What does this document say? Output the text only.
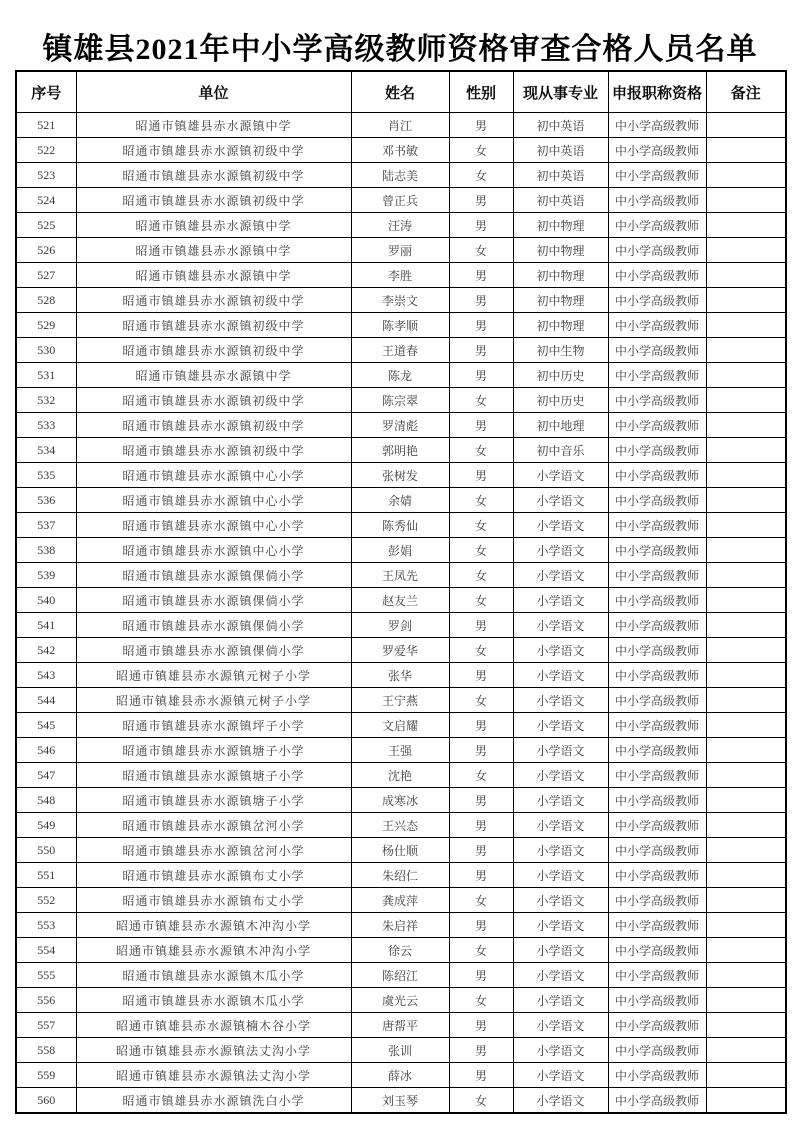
镇雄县2021年中小学高级教师资格审查合格人员名单
序号	单位	姓名	性别	现从事专业	申报职称资格	备注
521	昭通市镇雄县赤水源镇中学	肖江	男	初中英语	中小学高级教师	
522	昭通市镇雄县赤水源镇初级中学	邓书敏	女	初中英语	中小学高级教师	
523	昭通市镇雄县赤水源镇初级中学	陆志美	女	初中英语	中小学高级教师	
524	昭通市镇雄县赤水源镇初级中学	曾正兵	男	初中英语	中小学高级教师	
525	昭通市镇雄县赤水源镇中学	汪涛	男	初中物理	中小学高级教师	
526	昭通市镇雄县赤水源镇中学	罗丽	女	初中物理	中小学高级教师	
527	昭通市镇雄县赤水源镇中学	李胜	男	初中物理	中小学高级教师	
528	昭通市镇雄县赤水源镇初级中学	李崇文	男	初中物理	中小学高级教师	
529	昭通市镇雄县赤水源镇初级中学	陈孝顺	男	初中物理	中小学高级教师	
530	昭通市镇雄县赤水源镇初级中学	王道春	男	初中生物	中小学高级教师	
531	昭通市镇雄县赤水源镇中学	陈龙	男	初中历史	中小学高级教师	
532	昭通市镇雄县赤水源镇初级中学	陈宗翠	女	初中历史	中小学高级教师	
533	昭通市镇雄县赤水源镇初级中学	罗清彪	男	初中地理	中小学高级教师	
534	昭通市镇雄县赤水源镇初级中学	郭明艳	女	初中音乐	中小学高级教师	
535	昭通市镇雄县赤水源镇中心小学	张树发	男	小学语文	中小学高级教师	
536	昭通市镇雄县赤水源镇中心小学	余婧	女	小学语文	中小学高级教师	
537	昭通市镇雄县赤水源镇中心小学	陈秀仙	女	小学语文	中小学高级教师	
538	昭通市镇雄县赤水源镇中心小学	彭娟	女	小学语文	中小学高级教师	
539	昭通市镇雄县赤水源镇倮倘小学	王凤先	女	小学语文	中小学高级教师	
540	昭通市镇雄县赤水源镇倮倘小学	赵友兰	女	小学语文	中小学高级教师	
541	昭通市镇雄县赤水源镇倮倘小学	罗剑	男	小学语文	中小学高级教师	
542	昭通市镇雄县赤水源镇倮倘小学	罗爱华	女	小学语文	中小学高级教师	
543	昭通市镇雄县赤水源镇元树子小学	张华	男	小学语文	中小学高级教师	
544	昭通市镇雄县赤水源镇元树子小学	王宁燕	女	小学语文	中小学高级教师	
545	昭通市镇雄县赤水源镇坪子小学	文启耀	男	小学语文	中小学高级教师	
546	昭通市镇雄县赤水源镇塘子小学	王强	男	小学语文	中小学高级教师	
547	昭通市镇雄县赤水源镇塘子小学	沈艳	女	小学语文	中小学高级教师	
548	昭通市镇雄县赤水源镇塘子小学	成寒冰	男	小学语文	中小学高级教师	
549	昭通市镇雄县赤水源镇岔河小学	王兴态	男	小学语文	中小学高级教师	
550	昭通市镇雄县赤水源镇岔河小学	杨仕顺	男	小学语文	中小学高级教师	
551	昭通市镇雄县赤水源镇布丈小学	朱绍仁	男	小学语文	中小学高级教师	
552	昭通市镇雄县赤水源镇布丈小学	龚成萍	女	小学语文	中小学高级教师	
553	昭通市镇雄县赤水源镇木冲沟小学	朱启祥	男	小学语文	中小学高级教师	
554	昭通市镇雄县赤水源镇木冲沟小学	徐云	女	小学语文	中小学高级教师	
555	昭通市镇雄县赤水源镇木瓜小学	陈绍江	男	小学语文	中小学高级教师	
556	昭通市镇雄县赤水源镇木瓜小学	虞光云	女	小学语文	中小学高级教师	
557	昭通市镇雄县赤水源镇楠木谷小学	唐帮平	男	小学语文	中小学高级教师	
558	昭通市镇雄县赤水源镇法丈沟小学	张训	男	小学语文	中小学高级教师	
559	昭通市镇雄县赤水源镇法丈沟小学	薛冰	男	小学语文	中小学高级教师	
560	昭通市镇雄县赤水源镇洗白小学	刘玉琴	女	小学语文	中小学高级教师	
